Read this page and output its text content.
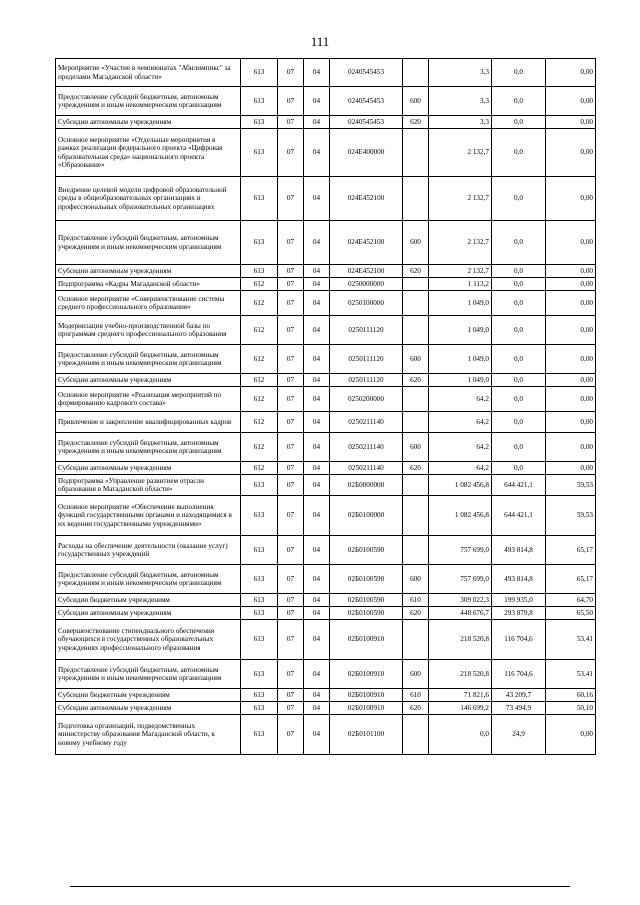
111
Мероприятие «Участие в чемпионатах "Абилимпикс" за пределами Магаданской области»	613	07	04	0240545453		3,3	0,0	0,00
Предоставление субсидий бюджетным, автономным учреждениям и иным некоммерческим организациям	613	07	04	0240545453	600	3,3	0,0	0,00
Субсидии автономным учреждениям	613	07	04	0240545453	620	3,3	0,0	0,00
Основное мероприятие «Отдельные мероприятия в рамках реализации федерального проекта «Цифровая образовательная среда» национального проекта «Образование»	613	07	04	024Е400000		2 132,7	0,0	0,00
Внедрение целевой модели цифровой образовательной среды в общеобразовательных организациях и профессиональных образовательных организациях	613	07	04	024Е452100		2 132,7	0,0	0,00
Предоставление субсидий бюджетным, автономным учреждениям и иным некоммерческим организациям	613	07	04	024Е452100	600	2 132,7	0,0	0,00
Субсидии автономным учреждениям	613	07	04	024Е452100	620	2 132,7	0,0	0,00
Подпрограмма «Кадры Магаданской области»	612	07	04	0250000000		1 113,2	0,0	0,00
Основное мероприятие «Совершенствование системы среднего профессионального образования»	612	07	04	0250100000		1 049,0	0,0	0,00
Модернизация учебно-производственной базы по программам среднего профессионального образования	612	07	04	0250111120		1 049,0	0,0	0,00
Предоставление субсидий бюджетным, автономным учреждениям и иным некоммерческим организациям	612	07	04	0250111120	600	1 049,0	0,0	0,00
Субсидии автономным учреждениям	612	07	04	0250111120	620	1 049,0	0,0	0,00
Основное мероприятие «Реализация мероприятий по формированию кадрового состава»	612	07	04	0250200000		64,2	0,0	0,00
Привлечение и закрепление квалифицированных кадров	612	07	04	0250211140		64,2	0,0	0,00
Предоставление субсидий бюджетным, автономным учреждениям и иным некоммерческим организациям	612	07	04	0250211140	600	64,2	0,0	0,00
Субсидии автономным учреждениям	612	07	04	0250211140	620	64,2	0,0	0,00
Подпрограмма «Управление развитием отрасли образования в Магаданской области»	613	07	04	02Б0000000		1 082 456,8	644 421,1	59,53
Основное мероприятие «Обеспечение выполнения функций государственными органами и находящимися в их ведении государственными учреждениями»	613	07	04	02Б0100000		1 082 456,8	644 421,1	59,53
Расходы на обеспечение деятельности (оказание услуг) государственных учреждений	613	07	04	02Б0100590		757 699,0	493 814,8	65,17
Предоставление субсидий бюджетным, автономным учреждениям и иным некоммерческим организациям	613	07	04	02Б0100590	600	757 699,0	493 814,8	65,17
Субсидии бюджетным учреждениям	613	07	04	02Б0100590	610	309 022,3	199 935,0	64,70
Субсидии автономным учреждениям	613	07	04	02Б0100590	620	448 676,7	293 879,8	65,50
Совершенствование стипендиального обеспечения обучающихся в государственных образовательных учреждениях профессионального образования	613	07	04	02Б0100910		218 520,8	116 704,6	53,41
Предоставление субсидий бюджетным, автономным учреждениям и иным некоммерческим организациям	613	07	04	02Б0100910	600	218 520,8	116 704,6	53,41
Субсидии бюджетным учреждениям	613	07	04	02Б0100910	610	71 821,6	43 209,7	60,16
Субсидии автономным учреждениям	613	07	04	02Б0100910	620	146 699,2	73 494,9	50,10
Подготовка организаций, подведомственных министерству образования Магаданской области, к новому учебному году	613	07	04	02Б0101100		0,0	24,9	0,00
